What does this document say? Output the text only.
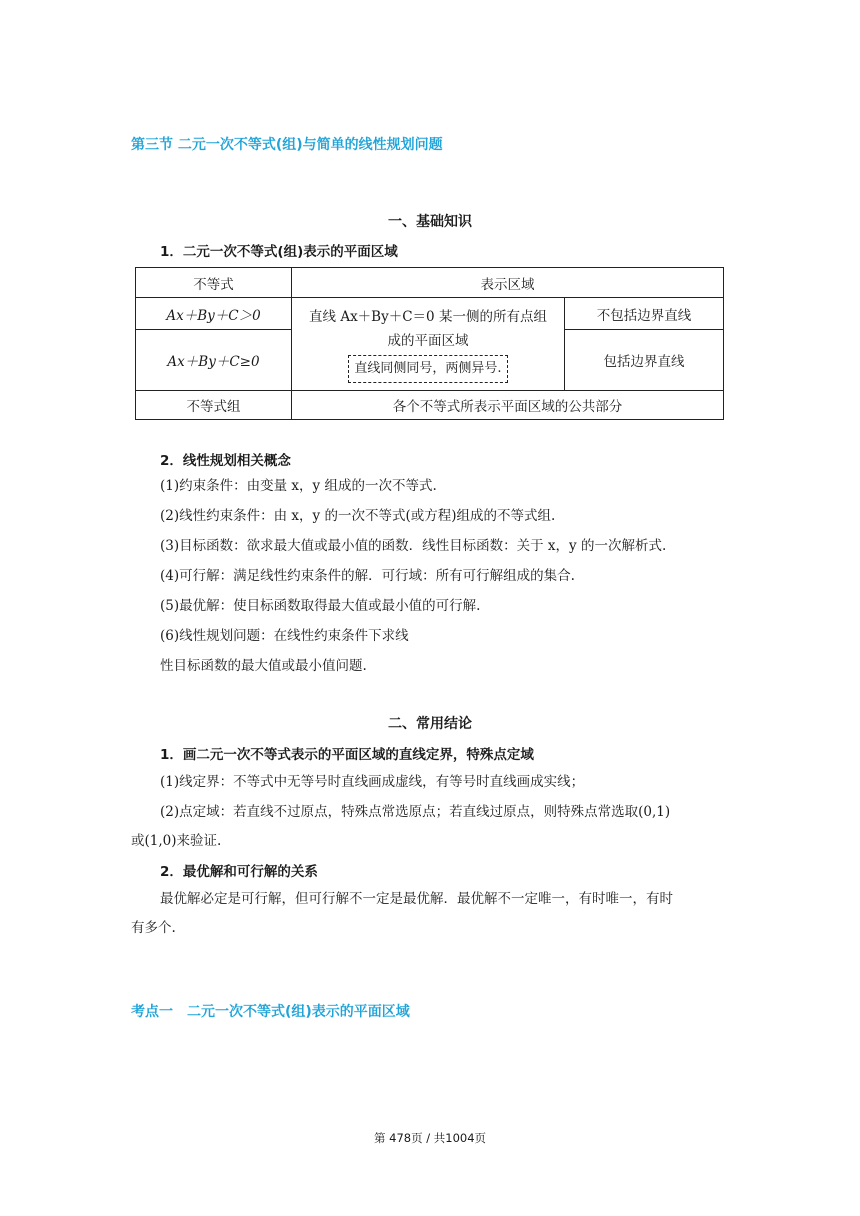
第三节 二元一次不等式(组)与简单的线性规划问题
一、基础知识
1．二元一次不等式(组)表示的平面区域
不等式	表示区域
Ax＋By＋C＞0
Ax＋By＋C≥0
直线 Ax＋By＋C＝0 某一侧的所有点组
成的平面区域
直线同侧同号，两侧异号.
不包括边界直线
包括边界直线
不等式组	各个不等式所表示平面区域的公共部分
2．线性规划相关概念
(1)约束条件：由变量 x，y 组成的一次不等式.
(2)线性约束条件：由 x，y 的一次不等式(或方程)组成的不等式组.
(3)目标函数：欲求最大值或最小值的函数．线性目标函数：关于 x，y 的一次解析式.
(4)可行解：满足线性约束条件的解．可行域：所有可行解组成的集合.
(5)最优解：使目标函数取得最大值或最小值的可行解.
(6)线性规划问题：在线性约束条件下求线
性目标函数的最大值或最小值问题.
二、常用结论
1．画二元一次不等式表示的平面区域的直线定界，特殊点定域
(1)线定界：不等式中无等号时直线画成虚线，有等号时直线画成实线；
(2)点定域：若直线不过原点，特殊点常选原点；若直线过原点，则特殊点常选取(0,1)
或(1,0)来验证.
2．最优解和可行解的关系
最优解必定是可行解，但可行解不一定是最优解．最优解不一定唯一，有时唯一，有时
有多个.
考点一　二元一次不等式(组)表示的平面区域
第 478页 / 共1004页
